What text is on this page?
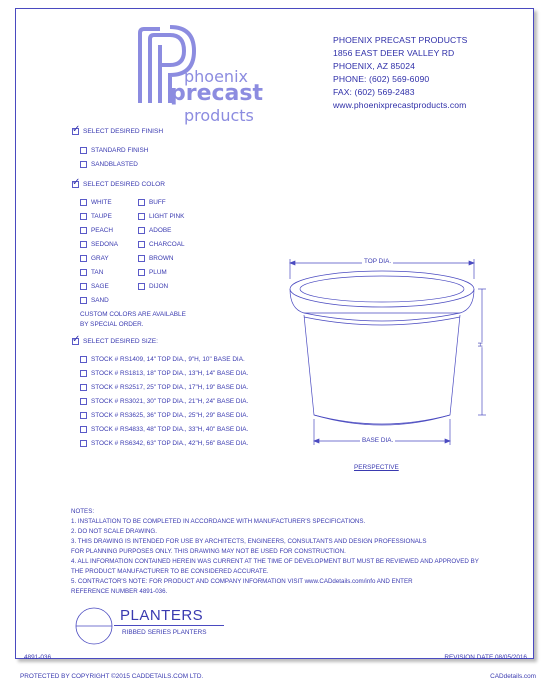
phoenix
precast
products
PHOENIX PRECAST PRODUCTS
1856 EAST DEER VALLEY RD
PHOENIX, AZ 85024
PHONE: (602) 569-6090
FAX: (602) 569-2483
www.phoenixprecastproducts.com
✓ SELECT DESIRED FINISH
STANDARD FINISH
SANDBLASTED
✓ SELECT DESIRED COLOR
WHITE
TAUPE
PEACH
SEDONA
GRAY
TAN
SAGE
SAND
BUFF
LIGHT PINK
ADOBE
CHARCOAL
BROWN
PLUM
DIJON
CUSTOM COLORS ARE AVAILABLE
BY SPECIAL ORDER.
✓ SELECT DESIRED SIZE:
STOCK # RS1409, 14" TOP DIA., 9"H, 10" BASE DIA.
STOCK # RS1813, 18" TOP DIA., 13"H, 14" BASE DIA.
STOCK # RS2517, 25" TOP DIA., 17"H, 19" BASE DIA.
STOCK # RS3021, 30" TOP DIA., 21"H, 24" BASE DIA.
STOCK # RS3625, 36" TOP DIA., 25"H, 29" BASE DIA.
STOCK # RS4833, 48" TOP DIA., 33"H, 40" BASE DIA.
STOCK # RS6342, 63" TOP DIA., 42"H, 56" BASE DIA.
TOP DIA.
H
BASE DIA.
PERSPECTIVE
NOTES:
1. INSTALLATION TO BE COMPLETED IN ACCORDANCE WITH MANUFACTURER'S SPECIFICATIONS.
2. DO NOT SCALE DRAWING.
3. THIS DRAWING IS INTENDED FOR USE BY ARCHITECTS, ENGINEERS, CONSULTANTS AND DESIGN PROFESSIONALS
FOR PLANNING PURPOSES ONLY. THIS DRAWING MAY NOT BE USED FOR CONSTRUCTION.
4. ALL INFORMATION CONTAINED HEREIN WAS CURRENT AT THE TIME OF DEVELOPMENT BUT MUST BE REVIEWED AND APPROVED BY
THE PRODUCT MANUFACTURER TO BE CONSIDERED ACCURATE.
5. CONTRACTOR'S NOTE: FOR PRODUCT AND COMPANY INFORMATION VISIT www.CADdetails.com/info AND ENTER
REFERENCE NUMBER 4891-036.
PLANTERS
RIBBED SERIES PLANTERS
4891-036	REVISION DATE 08/05/2016
PROTECTED BY COPYRIGHT ©2015 CADDETAILS.COM LTD.	CADdetails.com
